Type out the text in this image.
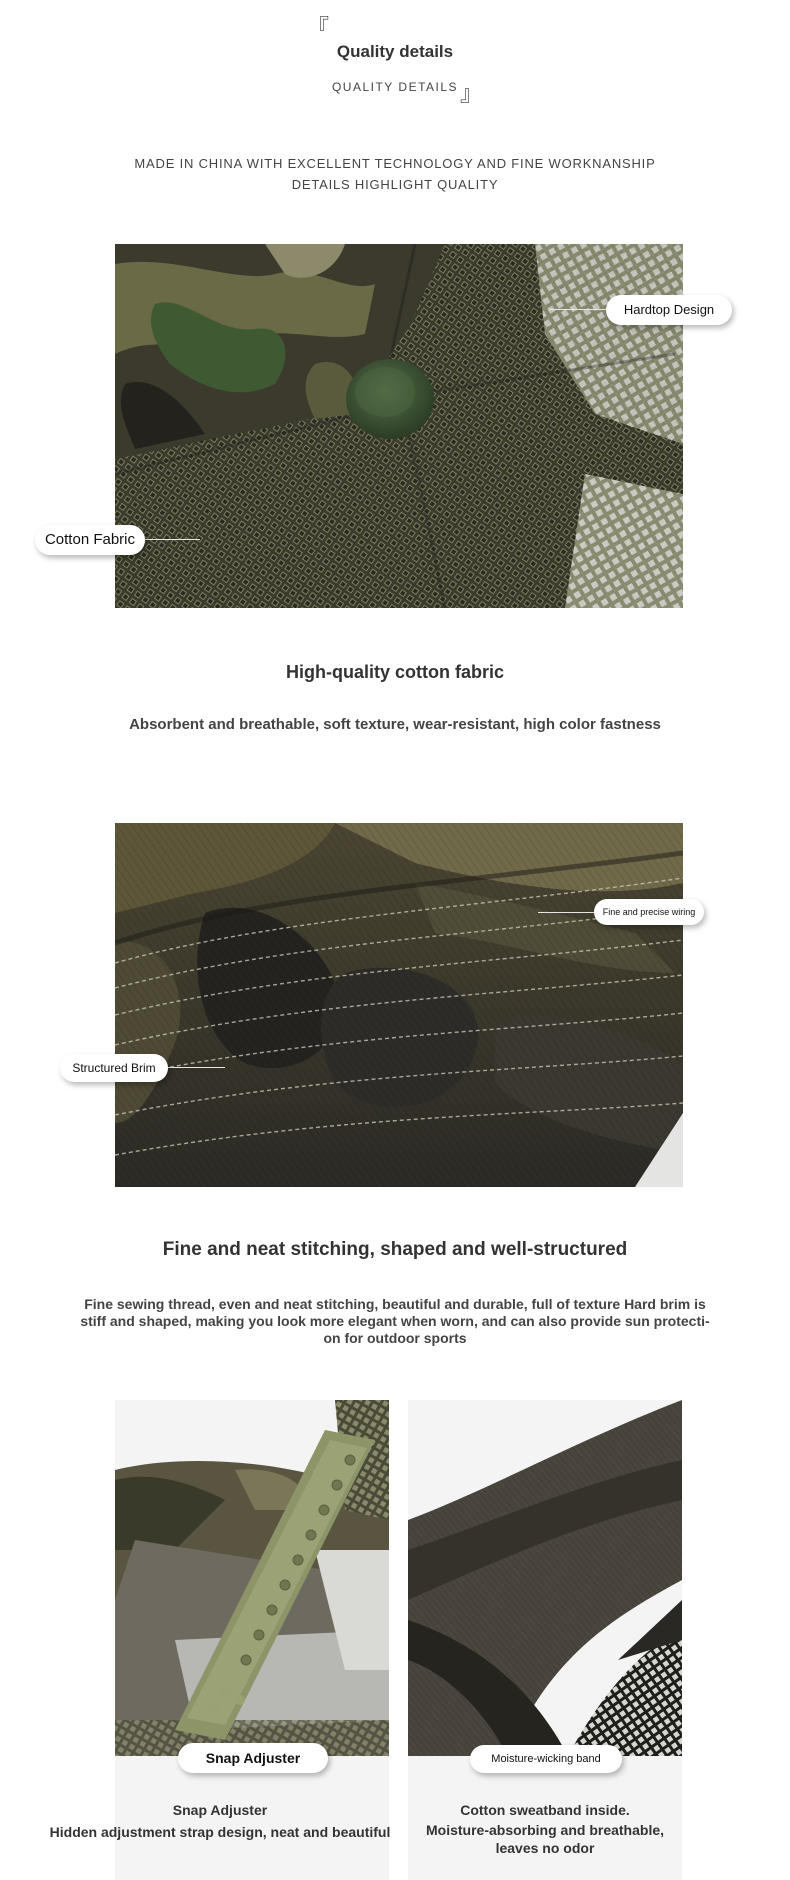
『
Quality details
QUALITY DETAILS 』
MADE IN CHINA WITH EXCELLENT TECHNOLOGY AND FINE WORKNANSHIP
DETAILS HIGHLIGHT QUALITY
Hardtop Design
Cotton Fabric
High-quality cotton fabric
Absorbent and breathable, soft texture, wear-resistant, high color fastness
Fine and precise wiring
Structured Brim
Fine and neat stitching, shaped and well-structured
Fine sewing thread, even and neat stitching, beautiful and durable, full of texture Hard brim is
stiff and shaped, making you look more elegant when worn, and can also provide sun protecti-
on for outdoor sports
Snap Adjuster	Moisture-wicking band
Snap Adjuster
Hidden adjustment strap design, neat and beautiful
Cotton sweatband inside.
Moisture-absorbing and breathable,
leaves no odor
